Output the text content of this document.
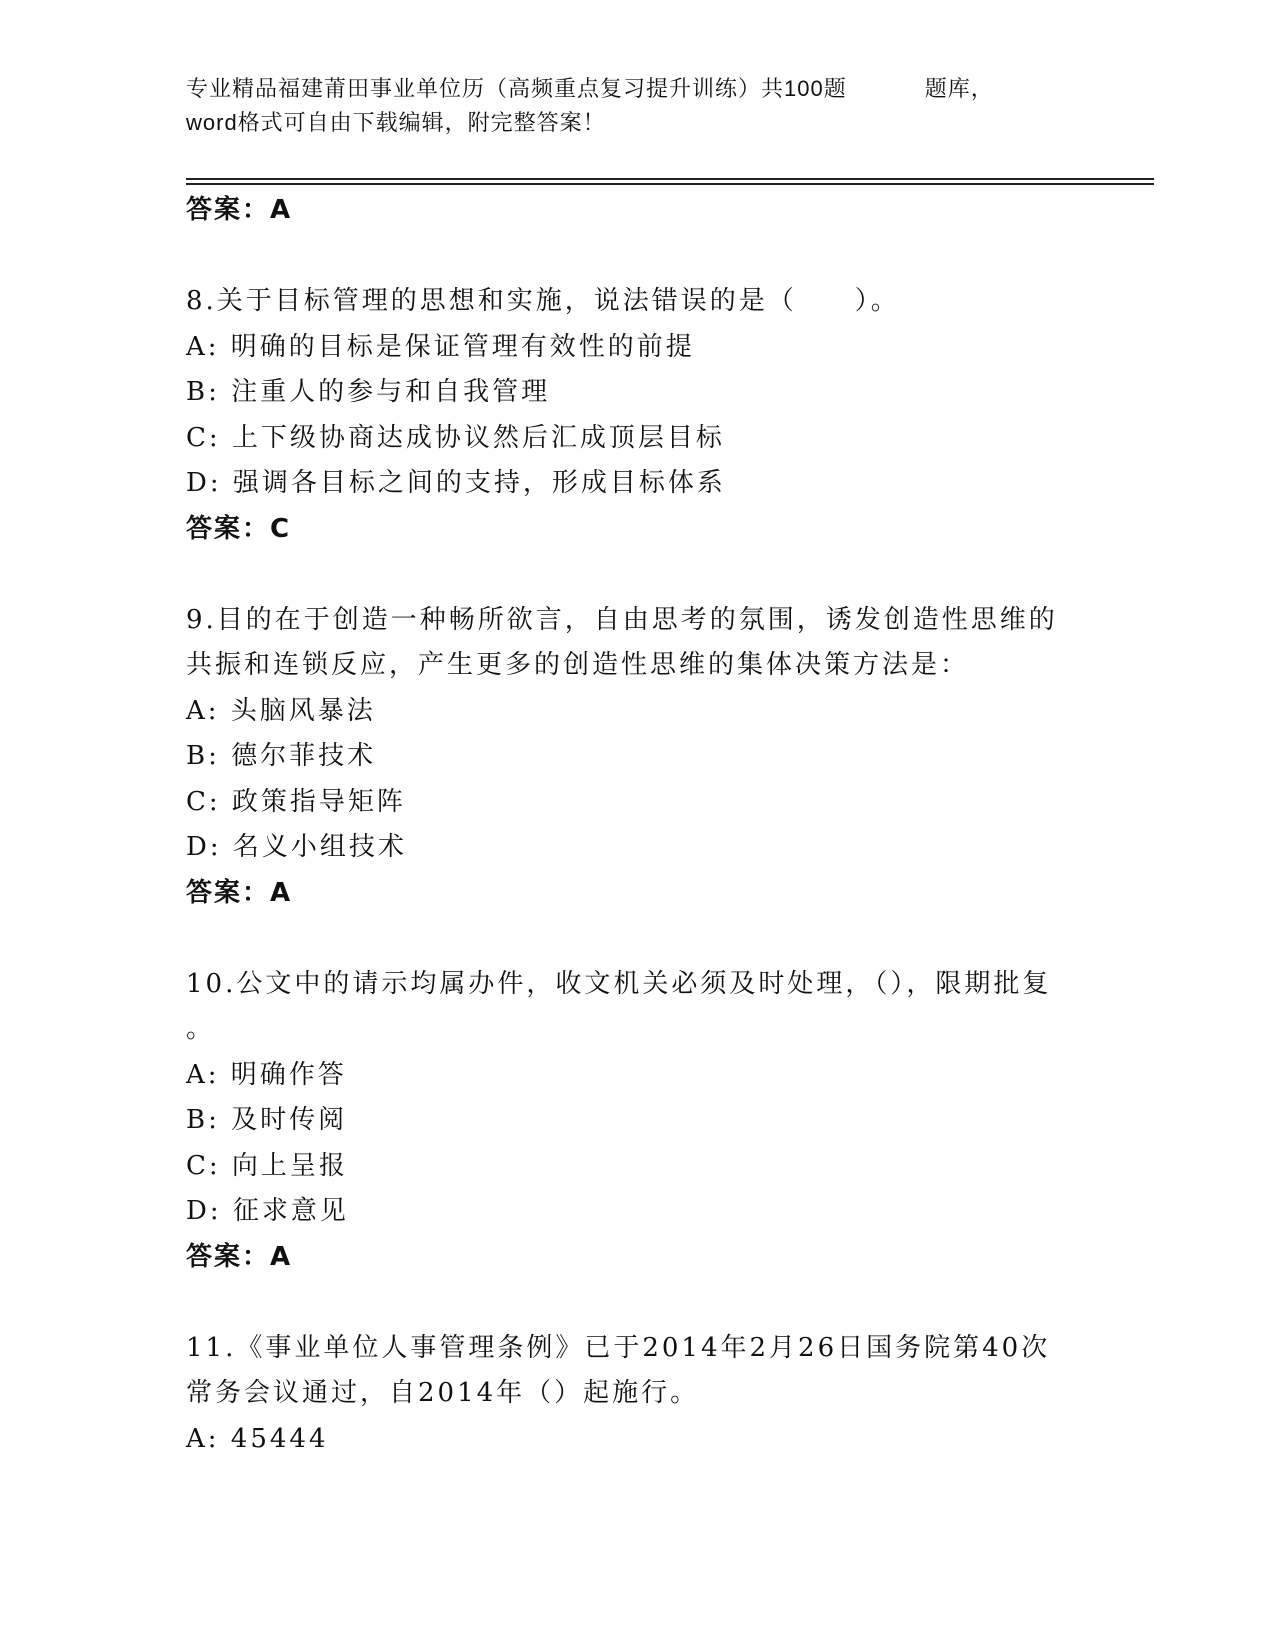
专业精品福建莆田事业单位历（高频重点复习提升训练）共100题	题库，
word格式可自由下载编辑，附完整答案！
答案：A
8.关于目标管理的思想和实施，说法错误的是（　　）。
A: 明确的目标是保证管理有效性的前提
B: 注重人的参与和自我管理
C: 上下级协商达成协议然后汇成顶层目标
D: 强调各目标之间的支持，形成目标体系
答案：C
9.目的在于创造一种畅所欲言，自由思考的氛围，诱发创造性思维的
共振和连锁反应，产生更多的创造性思维的集体决策方法是：
A: 头脑风暴法
B: 德尔菲技术
C: 政策指导矩阵
D: 名义小组技术
答案：A
10.公文中的请示均属办件，收文机关必须及时处理，（），限期批复
。
A: 明确作答
B: 及时传阅
C: 向上呈报
D: 征求意见
答案：A
11.《事业单位人事管理条例》已于2014年2月26日国务院第40次
常务会议通过，自2014年（）起施行。
A: 45444
